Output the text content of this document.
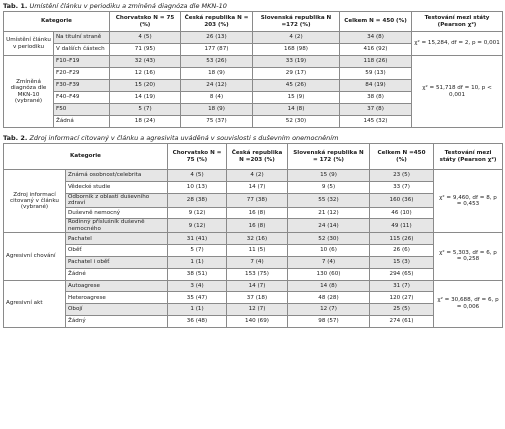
Tab. 1. Umístění článku v periodiku a zmíněná diagnóza dle MKN-10
Kategorie		Chorvatsko N = 75 (%)	Česká republika N = 203 (%)	Slovenská republika N =172 (%)	Celkem N = 450 (%)	Testování mezi státy (Pearson χ²)
Umístění článku v periodiku	Na titulní straně	4 (5)	26 (13)	4 (2)	34 (8)	χ² = 15,284, df = 2, p = 0,001
	V dalších částech	71 (95)	177 (87)	168 (98)	416 (92)	
Zmíněná diagnóza dle MKN-10 (vybrané)	F10–F19	32 (43)	53 (26)	33 (19)	118 (26)	χ² = 51,718 df = 10, p < 0,001
	F20–F29	12 (16)	18 (9)	29 (17)	59 (13)	
	F30–F39	15 (20)	24 (12)	45 (26)	84 (19)	
	F40–F49	14 (19)	8 (4)	15 (9)	38 (8)	
	F50	5 (7)	18 (9)	14 (8)	37 (8)	
	Žádná	18 (24)	75 (37)	52 (30)	145 (32)	
Tab. 2. Zdroj informací citovaný v článku a agresivita uváděná v souvislosti s duševním onemocněním
Kategorie		Chorvatsko N = 75 (%)	Česká republika N =203 (%)	Slovenská republika N = 172 (%)	Celkem N =450 (%)	Testování mezi státy (Pearson χ²)
Zdroj informací citovaný v článku (vybrané)	Známá osobnost/celebrita	4 (5)	4 (2)	15 (9)	23 (5)	χ² = 9,460, df = 8, p = 0,453
	Vědecké studie	10 (13)	14 (7)	9 (5)	33 (7)	
	Odborník z oblasti duševního zdraví	28 (38)	77 (38)	55 (32)	160 (36)	
	Duševně nemocný	9 (12)	16 (8)	21 (12)	46 (10)	
	Rodinný příslušník duševně nemocného	9 (12)	16 (8)	24 (14)	49 (11)	
Agresivní chování	Pachatel	31 (41)	32 (16)	52 (30)	115 (26)	χ² = 5,303, df = 6, p = 0,258
	Oběť	5 (7)	11 (5)	10 (6)	26 (6)	
	Pachatel i oběť	1 (1)	7 (4)	7 (4)	15 (3)	
	Žádné	38 (51)	153 (75)	130 (60)	294 (65)	
Agresivní akt	Autoagrese	3 (4)	14 (7)	14 (8)	31 (7)	χ² = 30,688, df = 6, p = 0,006
	Heteroagrese	35 (47)	37 (18)	48 (28)	120 (27)	
	Obojí	1 (1)	12 (7)	12 (7)	25 (5)	
	Žádný	36 (48)	140 (69)	98 (57)	274 (61)	
